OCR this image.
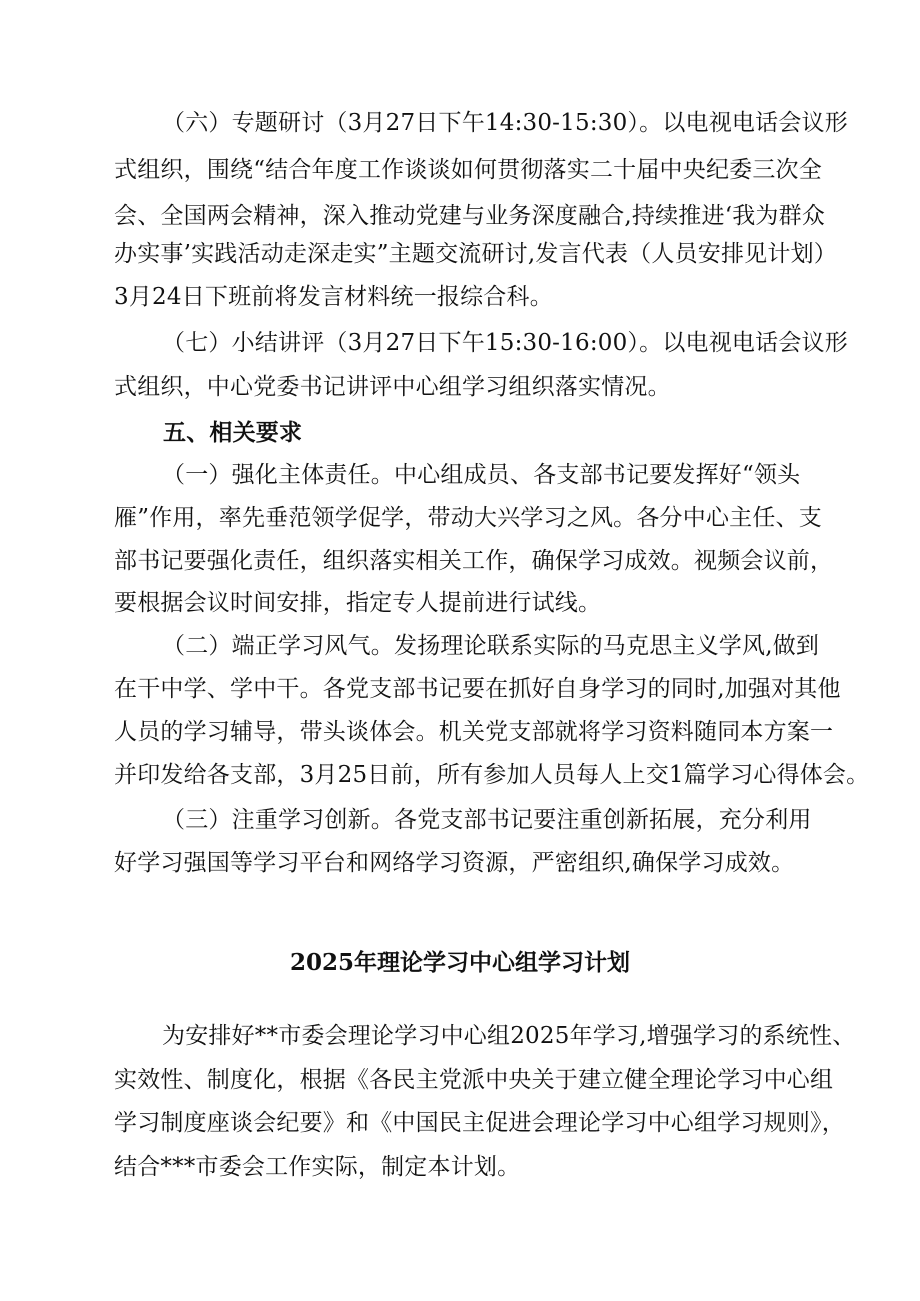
（六）专题研讨（3月27日下午14:30-15:30）。以电视电话会议形
式组织，围绕“结合年度工作谈谈如何贯彻落实二十届中央纪委三次全
会、全国两会精神，深入推动党建与业务深度融合,持续推进‘我为群众
办实事’实践活动走深走实”主题交流研讨,发言代表（人员安排见计划）
3月24日下班前将发言材料统一报综合科。
（七）小结讲评（3月27日下午15:30-16:00）。以电视电话会议形
式组织，中心党委书记讲评中心组学习组织落实情况。
五、相关要求
（一）强化主体责任。中心组成员、各支部书记要发挥好“领头
雁”作用，率先垂范领学促学，带动大兴学习之风。各分中心主任、支
部书记要强化责任，组织落实相关工作，确保学习成效。视频会议前，
要根据会议时间安排，指定专人提前进行试线。
（二）端正学习风气。发扬理论联系实际的马克思主义学风,做到
在干中学、学中干。各党支部书记要在抓好自身学习的同时,加强对其他
人员的学习辅导，带头谈体会。机关党支部就将学习资料随同本方案一
并印发给各支部，3月25日前，所有参加人员每人上交1篇学习心得体会。
（三）注重学习创新。各党支部书记要注重创新拓展，充分利用
好学习强国等学习平台和网络学习资源，严密组织,确保学习成效。
2025年理论学习中心组学习计划
为安排好**市委会理论学习中心组2025年学习,增强学习的系统性、
实效性、制度化，根据《各民主党派中央关于建立健全理论学习中心组
学习制度座谈会纪要》和《中国民主促进会理论学习中心组学习规则》，
结合***市委会工作实际，制定本计划。
